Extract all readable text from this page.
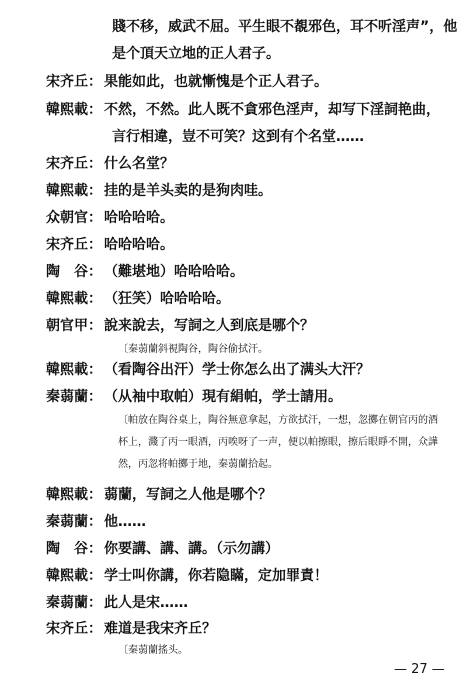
賤不移，威武不屈。平生眼不覩邪色，耳不听淫声”，他
是个頂天立地的正人君子。
宋齐丘： 果能如此，也就慚愧是个正人君子。
韓熙載： 不然，不然。此人既不貪邪色淫声，却写下淫詞艳曲，
言行相違，豈不可笑？这到有个名堂……
宋齐丘： 什么名堂？
韓熙載： 挂的是羊头卖的是狗肉哇。
众朝官： 哈哈哈哈。
宋齐丘： 哈哈哈哈。
陶　谷： （難堪地）哈哈哈哈。
韓熙載： （狂笑）哈哈哈哈。
朝官甲： 說来說去，写詞之人到底是哪个？
〔秦蒻蘭斜視陶谷，陶谷偷拭汗。
韓熙載： （看陶谷出汗）学士你怎么出了满头大汗？
秦蒻蘭： （从袖中取帕）現有絹帕，学士請用。
〔帕放在陶谷桌上，陶谷無意拿起，方欲拭汗，一想，忽擲在朝官丙的酒杯上，濺了丙一眼酒，丙唉呀了一声，便以帕擦眼，擦后眼睜不開，众譁然，丙忽将帕擲于地，秦蒻蘭拾起。
韓熙載： 蒻蘭，写詞之人他是哪个？
秦蒻蘭： 他……
陶　谷： 你要講、講、講。（示勿講）
韓熙載： 学士叫你講，你若隐瞞，定加罪責！
秦蒻蘭： 此人是宋……
宋齐丘： 难道是我宋齐丘？
〔秦蒻蘭搖头。
— 27 —
